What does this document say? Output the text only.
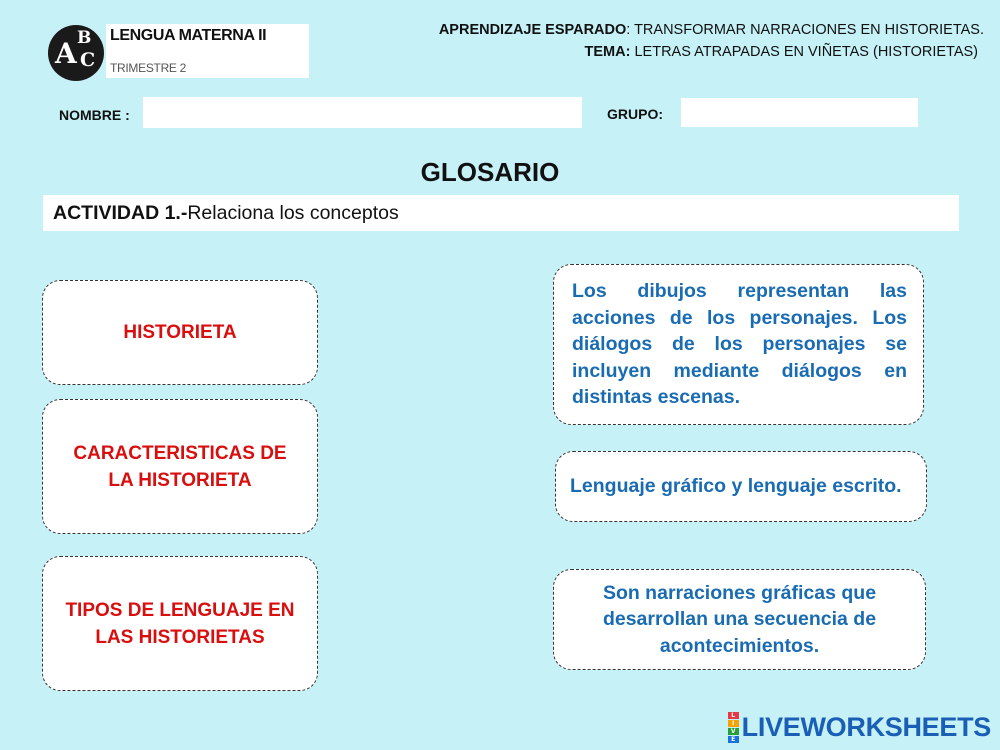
A B
C
LENGUA MATERNA II
TRIMESTRE 2
APRENDIZAJE ESPARADO: TRANSFORMAR NARRACIONES EN HISTORIETAS.
TEMA: LETRAS ATRAPADAS EN VIÑETAS (HISTORIETAS)
NOMBRE :	GRUPO:
GLOSARIO
ACTIVIDAD 1.-Relaciona los conceptos
HISTORIETA
CARACTERISTICAS DE LA HISTORIETA
TIPOS DE LENGUAJE EN LAS HISTORIETAS
Los dibujos representan las acciones de los personajes. Los diálogos de los personajes se incluyen mediante diálogos en distintas escenas.
Lenguaje gráfico y lenguaje escrito.
Son narraciones gráficas que desarrollan una secuencia de acontecimientos.
L
I
V
E LIVEWORKSHEETS
